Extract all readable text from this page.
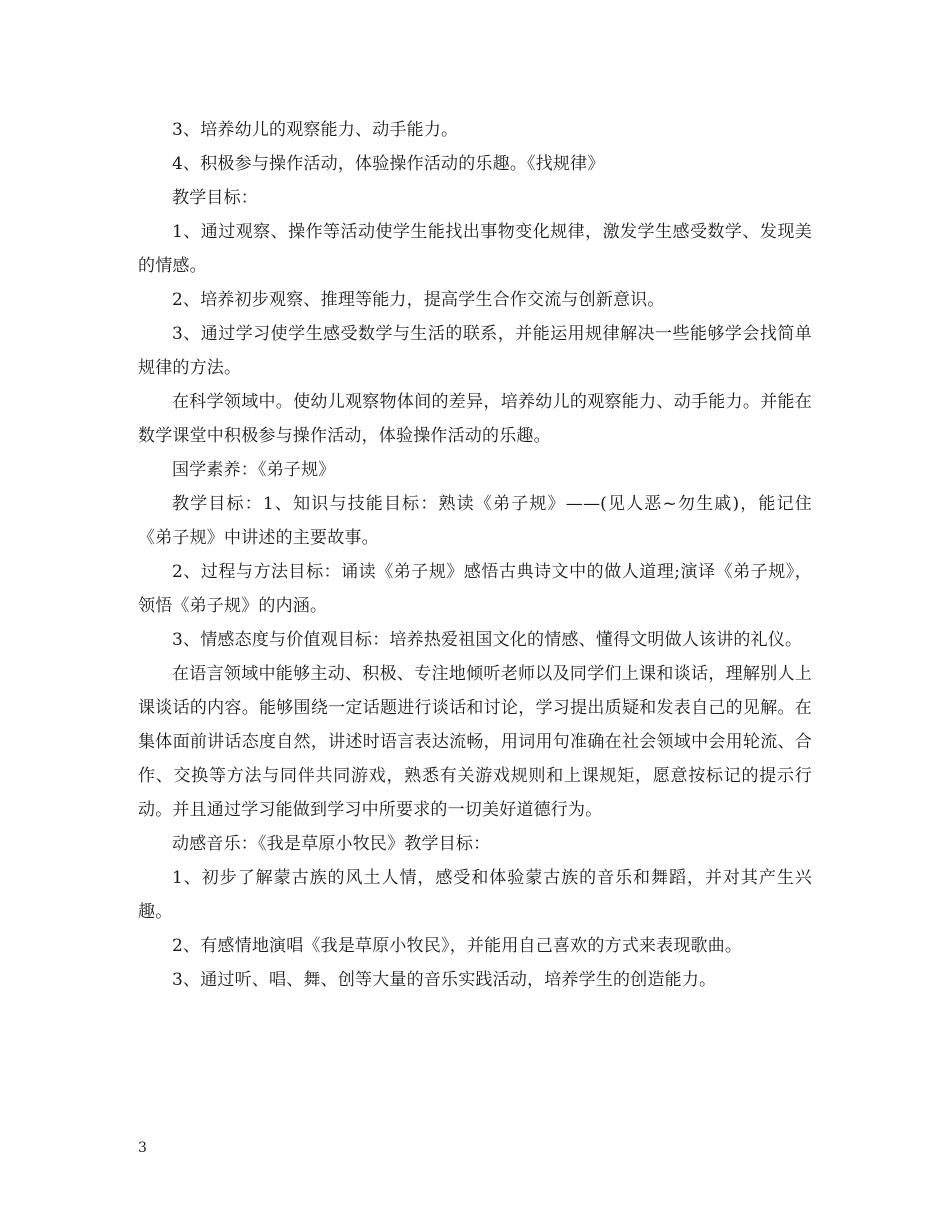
3、培养幼儿的观察能力、动手能力。

4、积极参与操作活动，体验操作活动的乐趣。《找规律》

教学目标：

1、通过观察、操作等活动使学生能找出事物变化规律，激发学生感受数学、发现美的情感。

2、培养初步观察、推理等能力，提高学生合作交流与创新意识。

3、通过学习使学生感受数学与生活的联系，并能运用规律解决一些能够学会找简单规律的方法。

在科学领域中。使幼儿观察物体间的差异，培养幼儿的观察能力、动手能力。并能在数学课堂中积极参与操作活动，体验操作活动的乐趣。

国学素养：《弟子规》

教学目标：1、知识与技能目标：熟读《弟子规》——(见人恶~勿生戚)，能记住《弟子规》中讲述的主要故事。

2、过程与方法目标：诵读《弟子规》感悟古典诗文中的做人道理;演译《弟子规》，领悟《弟子规》的内涵。

3、情感态度与价值观目标：培养热爱祖国文化的情感、懂得文明做人该讲的礼仪。

在语言领域中能够主动、积极、专注地倾听老师以及同学们上课和谈话，理解别人上课谈话的内容。能够围绕一定话题进行谈话和讨论，学习提出质疑和发表自己的见解。在集体面前讲话态度自然，讲述时语言表达流畅，用词用句准确在社会领域中会用轮流、合作、交换等方法与同伴共同游戏，熟悉有关游戏规则和上课规矩，愿意按标记的提示行动。并且通过学习能做到学习中所要求的一切美好道德行为。

动感音乐：《我是草原小牧民》教学目标：

1、初步了解蒙古族的风土人情，感受和体验蒙古族的音乐和舞蹈，并对其产生兴趣。

2、有感情地演唱《我是草原小牧民》，并能用自己喜欢的方式来表现歌曲。

3、通过听、唱、舞、创等大量的音乐实践活动，培养学生的创造能力。

3
